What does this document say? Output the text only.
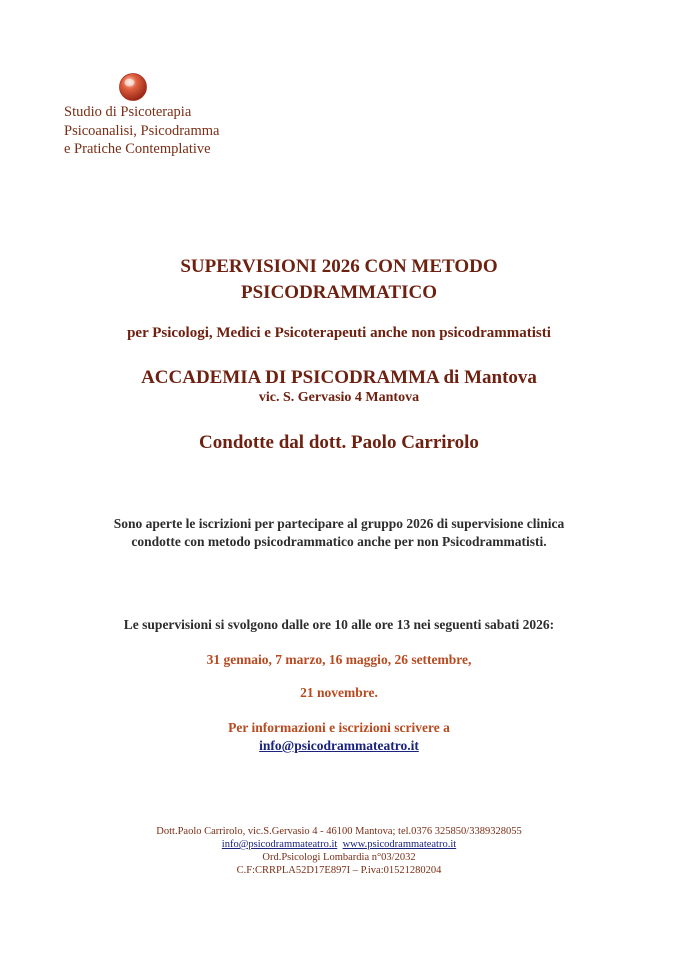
Studio di Psicoterapia
Psicoanalisi, Psicodramma
e Pratiche Contemplative
SUPERVISIONI 2026 CON METODO
PSICODRAMMATICO
per Psicologi, Medici e Psicoterapeuti anche non psicodrammatisti
ACCADEMIA DI PSICODRAMMA di Mantova
vic. S. Gervasio 4 Mantova
Condotte dal dott. Paolo Carrirolo
Sono aperte le iscrizioni per partecipare al gruppo 2026 di supervisione clinica
condotte con metodo psicodrammatico anche per non Psicodrammatisti.
Le supervisioni si svolgono dalle ore 10 alle ore 13 nei seguenti sabati 2026:
31 gennaio, 7 marzo, 16 maggio, 26 settembre,
21 novembre.
Per informazioni e iscrizioni scrivere a
info@psicodrammateatro.it
Dott.Paolo Carrirolo, vic.S.Gervasio 4 - 46100 Mantova; tel.0376 325850/3389328055
info@psicodrammateatro.it www.psicodrammateatro.it
Ord.Psicologi Lombardia n°03/2032
C.F:CRRPLA52D17E897I – P.iva:01521280204
